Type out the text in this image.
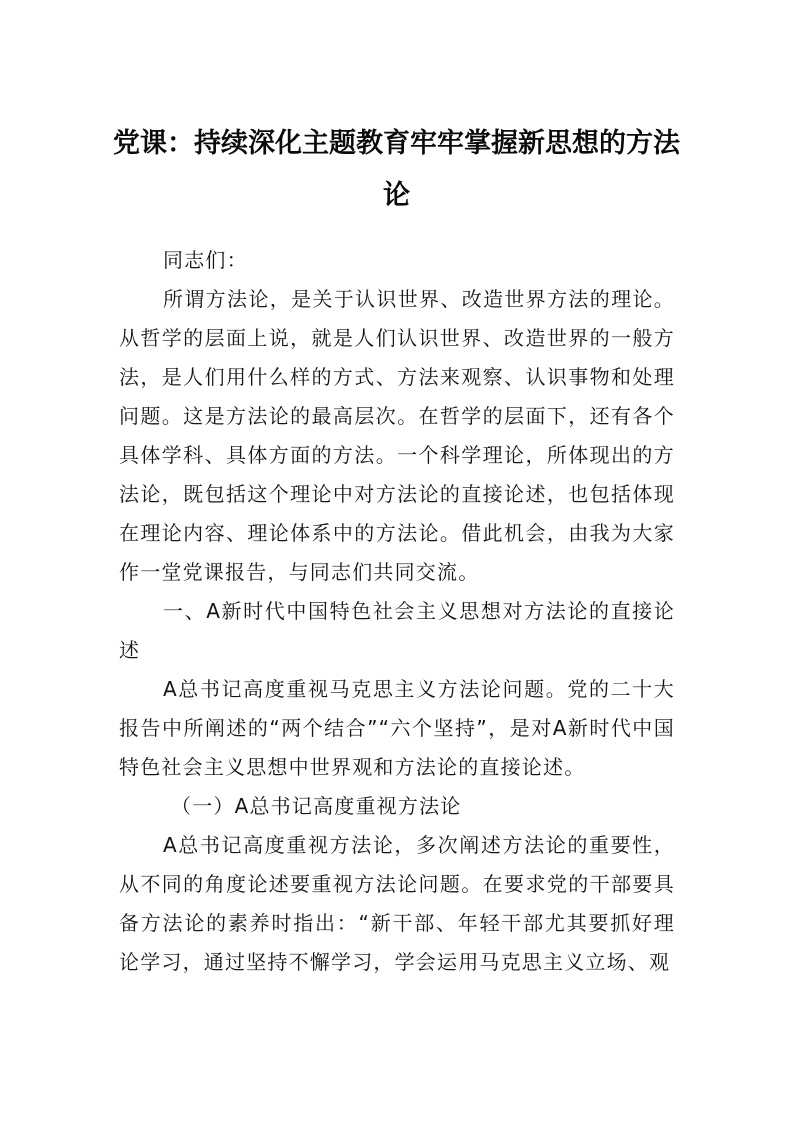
党课：持续深化主题教育牢牢掌握新思想的方法论

同志们：

所谓方法论，是关于认识世界、改造世界方法的理论。从哲学的层面上说，就是人们认识世界、改造世界的一般方法，是人们用什么样的方式、方法来观察、认识事物和处理问题。这是方法论的最高层次。在哲学的层面下，还有各个具体学科、具体方面的方法。一个科学理论，所体现出的方法论，既包括这个理论中对方法论的直接论述，也包括体现在理论内容、理论体系中的方法论。借此机会，由我为大家作一堂党课报告，与同志们共同交流。

一、A新时代中国特色社会主义思想对方法论的直接论述

A总书记高度重视马克思主义方法论问题。党的二十大报告中所阐述的“两个结合”“六个坚持”，是对A新时代中国特色社会主义思想中世界观和方法论的直接论述。

（一）A总书记高度重视方法论

A总书记高度重视方法论，多次阐述方法论的重要性，从不同的角度论述要重视方法论问题。在要求党的干部要具备方法论的素养时指出：“新干部、年轻干部尤其要抓好理论学习，通过坚持不懈学习，学会运用马克思主义立场、观
